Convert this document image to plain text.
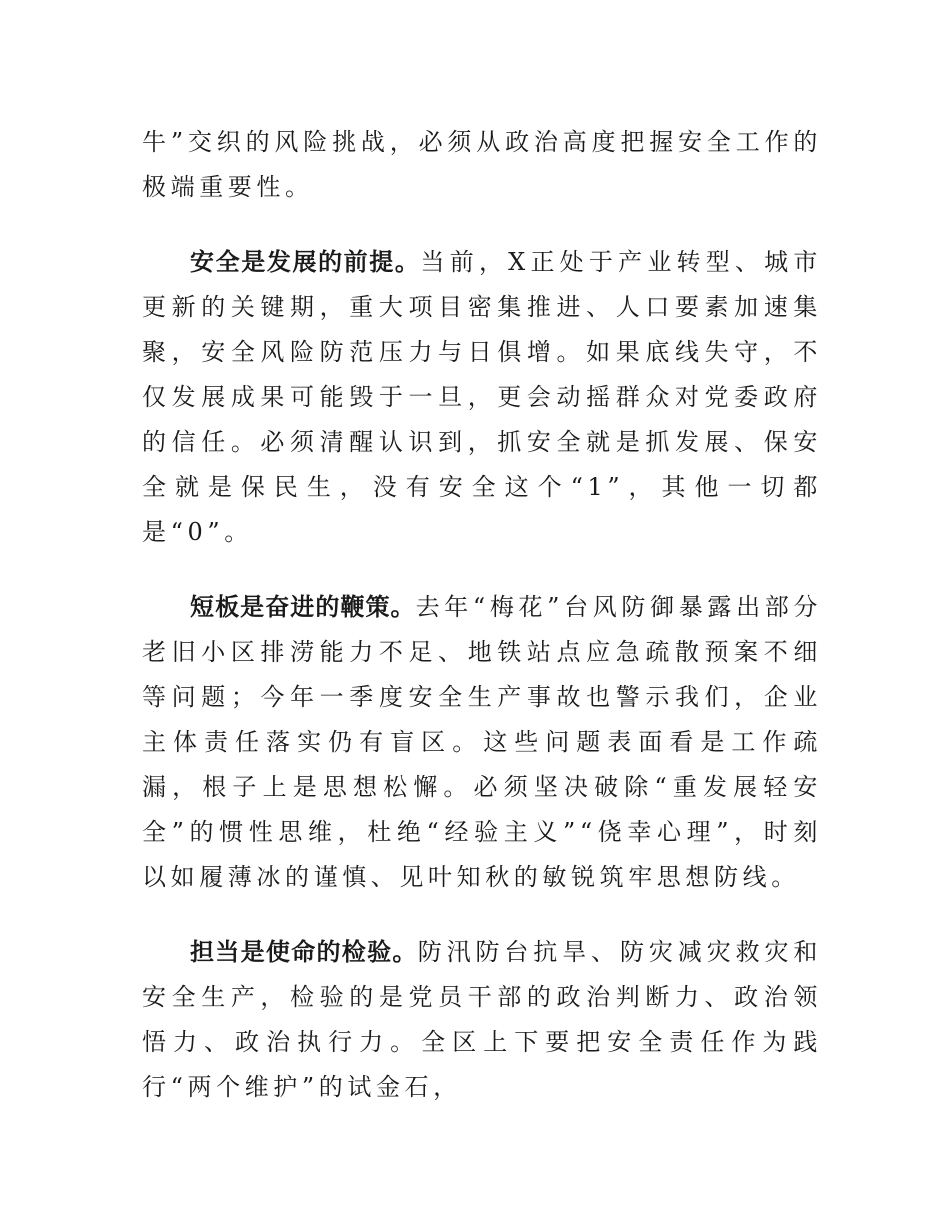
牛”交织的风险挑战，必须从政治高度把握安全工作的极端重要性。

安全是发展的前提。当前，X正处于产业转型、城市更新的关键期，重大项目密集推进、人口要素加速集聚，安全风险防范压力与日俱增。如果底线失守，不仅发展成果可能毁于一旦，更会动摇群众对党委政府的信任。必须清醒认识到，抓安全就是抓发展、保安全就是保民生，没有安全这个“1”，其他一切都是“0”。

短板是奋进的鞭策。去年“梅花”台风防御暴露出部分老旧小区排涝能力不足、地铁站点应急疏散预案不细等问题；今年一季度安全生产事故也警示我们，企业主体责任落实仍有盲区。这些问题表面看是工作疏漏，根子上是思想松懈。必须坚决破除“重发展轻安全”的惯性思维，杜绝“经验主义”“侥幸心理”，时刻以如履薄冰的谨慎、见叶知秋的敏锐筑牢思想防线。

担当是使命的检验。防汛防台抗旱、防灾减灾救灾和安全生产，检验的是党员干部的政治判断力、政治领悟力、政治执行力。全区上下要把安全责任作为践行“两个维护”的试金石，
